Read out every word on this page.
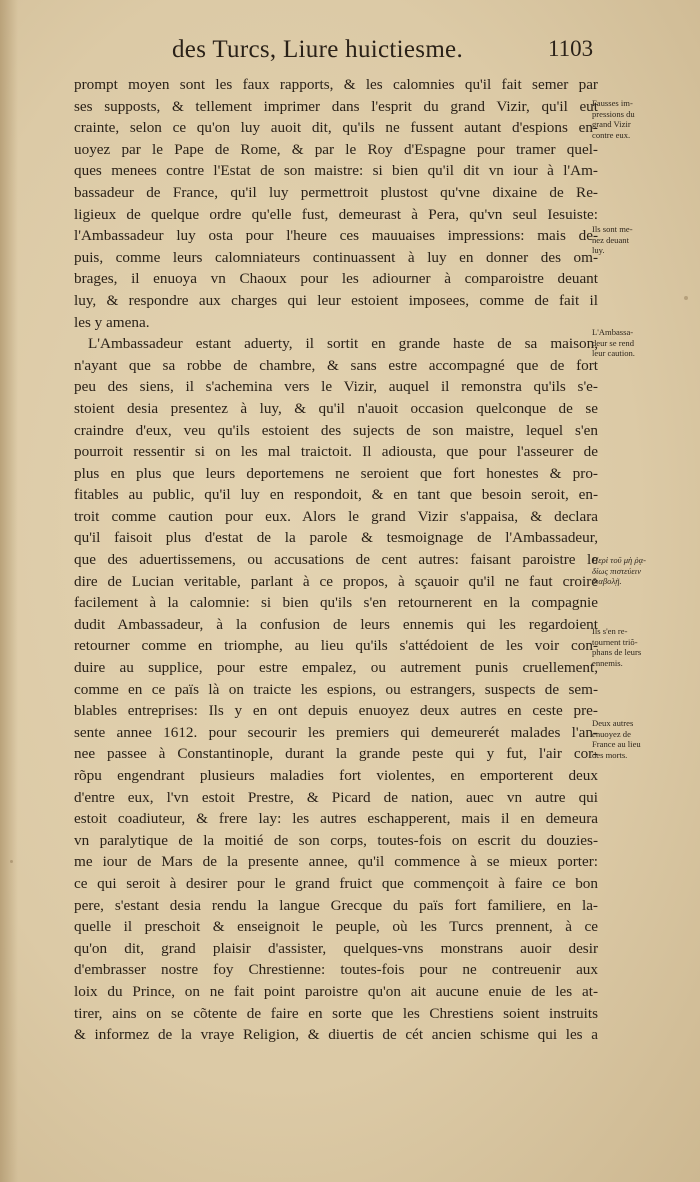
des Turcs, Liure huictiesme.	1103
prompt moyen sont les faux rapports, & les calomnies qu'il fait semer par
ses supposts, & tellement imprimer dans l'esprit du grand Vizir, qu'il eut
crainte, selon ce qu'on luy auoit dit, qu'ils ne fussent autant d'espions en-
uoyez par le Pape de Rome, & par le Roy d'Espagne pour tramer quel-
ques menees contre l'Estat de son maistre: si bien qu'il dit vn iour à l'Am-
bassadeur de France, qu'il luy permettroit plustost qu'vne dixaine de Re-
ligieux de quelque ordre qu'elle fust, demeurast à Pera, qu'vn seul Iesuiste:
l'Ambassadeur luy osta pour l'heure ces mauuaises impressions: mais de-
puis, comme leurs calomniateurs continuassent à luy en donner des om-
brages, il enuoya vn Chaoux pour les adiourner à comparoistre deuant
luy, & respondre aux charges qui leur estoient imposees, comme de fait il
les y amena.
L'Ambassadeur estant aduerty, il sortit en grande haste de sa maison,
n'ayant que sa robbe de chambre, & sans estre accompagné que de fort
peu des siens, il s'achemina vers le Vizir, auquel il remonstra qu'ils s'e-
stoient desia presentez à luy, & qu'il n'auoit occasion quelconque de se
craindre d'eux, veu qu'ils estoient des sujects de son maistre, lequel s'en
pourroit ressentir si on les mal traictoit. Il adiousta, que pour l'asseurer de
plus en plus que leurs deportemens ne seroient que fort honestes & pro-
fitables au public, qu'il luy en respondoit, & en tant que besoin seroit, en-
troit comme caution pour eux. Alors le grand Vizir s'appaisa, & declara
qu'il faisoit plus d'estat de la parole & tesmoignage de l'Ambassadeur,
que des aduertissemens, ou accusations de cent autres: faisant paroistre le
dire de Lucian veritable, parlant à ce propos, à sçauoir qu'il ne faut croire
facilement à la calomnie: si bien qu'ils s'en retournerent en la compagnie
dudit Ambassadeur, à la confusion de leurs ennemis qui les regardoient
retourner comme en triomphe, au lieu qu'ils s'attédoient de les voir con-
duire au supplice, pour estre empalez, ou autrement punis cruellement,
comme en ce païs là on traicte les espions, ou estrangers, suspects de sem-
blables entreprises: Ils y en ont depuis enuoyez deux autres en ceste pre-
sente annee 1612. pour secourir les premiers qui demeurerét malades l'an-
nee passee à Constantinople, durant la grande peste qui y fut, l'air cor-
rõpu engendrant plusieurs maladies fort violentes, en emporterent deux
d'entre eux, l'vn estoit Prestre, & Picard de nation, auec vn autre qui
estoit coadiuteur, & frere lay: les autres eschapperent, mais il en demeura
vn paralytique de la moitié de son corps, toutes-fois on escrit du douzies-
me iour de Mars de la presente annee, qu'il commence à se mieux porter:
ce qui seroit à desirer pour le grand fruict que commençoit à faire ce bon
pere, s'estant desia rendu la langue Grecque du païs fort familiere, en la-
quelle il preschoit & enseignoit le peuple, où les Turcs prennent, à ce
qu'on dit, grand plaisir d'assister, quelques-vns monstrans auoir desir
d'embrasser nostre foy Chrestienne: toutes-fois pour ne contreuenir aux
loix du Prince, on ne fait point paroistre qu'on ait aucune enuie de les at-
tirer, ains on se cõtente de faire en sorte que les Chrestiens soient instruits
& informez de la vraye Religion, & diuertis de cét ancien schisme qui les a
Fausses im-
pressions du
grand Vizir
contre eux.
Ils sont me-
nez deuant
luy.
L'Ambassa-
deur se rend
leur caution.
Περὶ τοῦ μὴ ῥᾳ-
δίως πιστεύειν
διαβολῇ.
Ils s'en re-
tournent triõ-
phans de leurs
ennemis.
Deux autres
enuoyez de
France au lieu
des morts.
